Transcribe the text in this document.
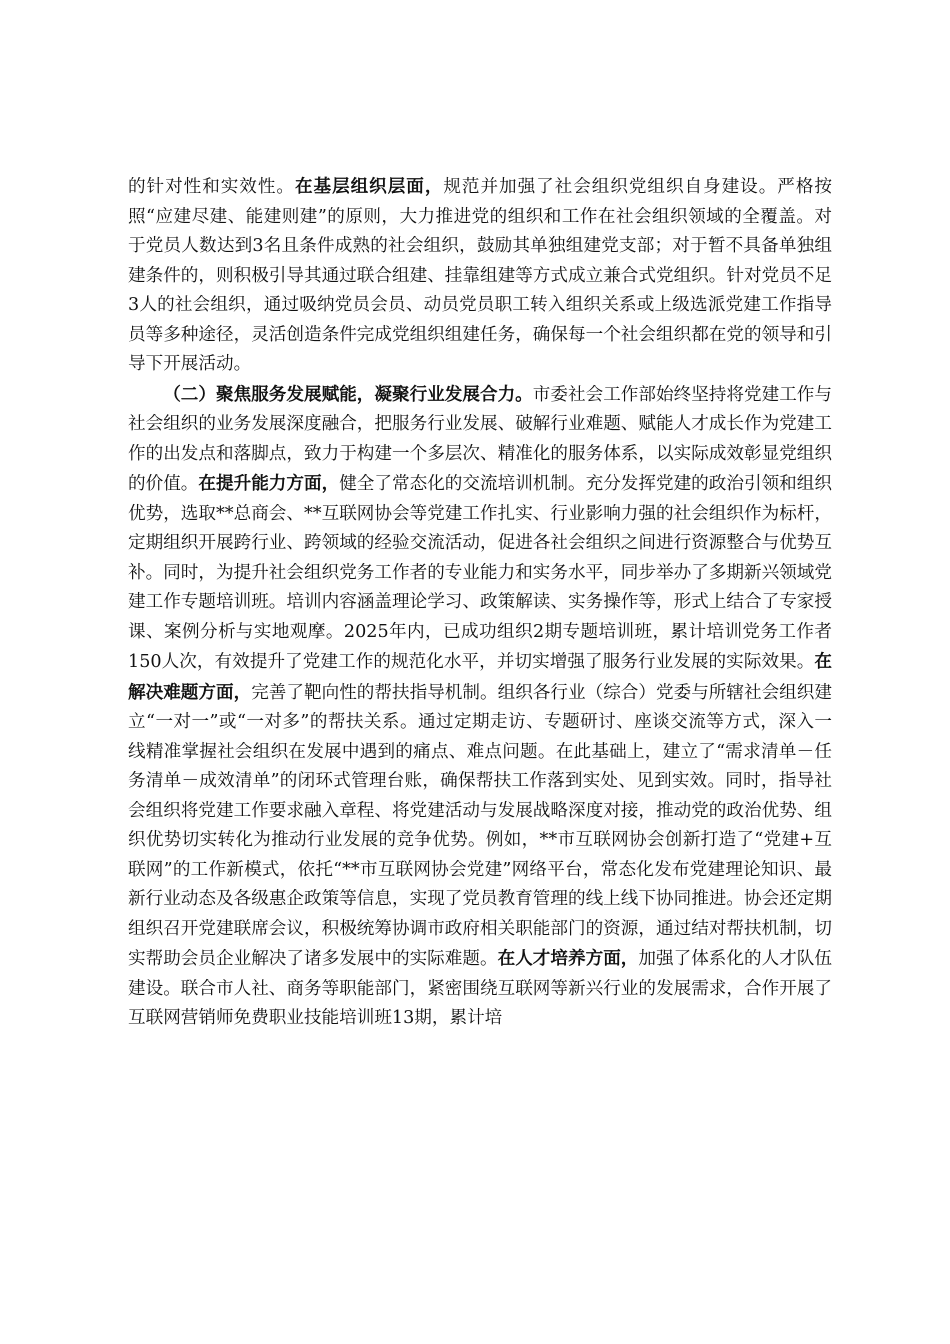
的针对性和实效性。在基层组织层面，规范并加强了社会组织党组织自身建设。严格按照“应建尽建、能建则建”的原则，大力推进党的组织和工作在社会组织领域的全覆盖。对于党员人数达到3名且条件成熟的社会组织，鼓励其单独组建党支部；对于暂不具备单独组建条件的，则积极引导其通过联合组建、挂靠组建等方式成立兼合式党组织。针对党员不足3人的社会组织，通过吸纳党员会员、动员党员职工转入组织关系或上级选派党建工作指导员等多种途径，灵活创造条件完成党组织组建任务，确保每一个社会组织都在党的领导和引导下开展活动。

（二）聚焦服务发展赋能，凝聚行业发展合力。市委社会工作部始终坚持将党建工作与社会组织的业务发展深度融合，把服务行业发展、破解行业难题、赋能人才成长作为党建工作的出发点和落脚点，致力于构建一个多层次、精准化的服务体系，以实际成效彰显党组织的价值。在提升能力方面，健全了常态化的交流培训机制。充分发挥党建的政治引领和组织优势，选取**总商会、**互联网协会等党建工作扎实、行业影响力强的社会组织作为标杆，定期组织开展跨行业、跨领域的经验交流活动，促进各社会组织之间进行资源整合与优势互补。同时，为提升社会组织党务工作者的专业能力和实务水平，同步举办了多期新兴领域党建工作专题培训班。培训内容涵盖理论学习、政策解读、实务操作等，形式上结合了专家授课、案例分析与实地观摩。2025年内，已成功组织2期专题培训班，累计培训党务工作者150人次，有效提升了党建工作的规范化水平，并切实增强了服务行业发展的实际效果。在解决难题方面，完善了靶向性的帮扶指导机制。组织各行业（综合）党委与所辖社会组织建立“一对一”或“一对多”的帮扶关系。通过定期走访、专题研讨、座谈交流等方式，深入一线精准掌握社会组织在发展中遇到的痛点、难点问题。在此基础上，建立了“需求清单－任务清单－成效清单”的闭环式管理台账，确保帮扶工作落到实处、见到实效。同时，指导社会组织将党建工作要求融入章程、将党建活动与发展战略深度对接，推动党的政治优势、组织优势切实转化为推动行业发展的竞争优势。例如，**市互联网协会创新打造了“党建+互联网”的工作新模式，依托“**市互联网协会党建”网络平台，常态化发布党建理论知识、最新行业动态及各级惠企政策等信息，实现了党员教育管理的线上线下协同推进。协会还定期组织召开党建联席会议，积极统筹协调市政府相关职能部门的资源，通过结对帮扶机制，切实帮助会员企业解决了诸多发展中的实际难题。在人才培养方面，加强了体系化的人才队伍建设。联合市人社、商务等职能部门，紧密围绕互联网等新兴行业的发展需求，合作开展了互联网营销师免费职业技能培训班13期，累计培
